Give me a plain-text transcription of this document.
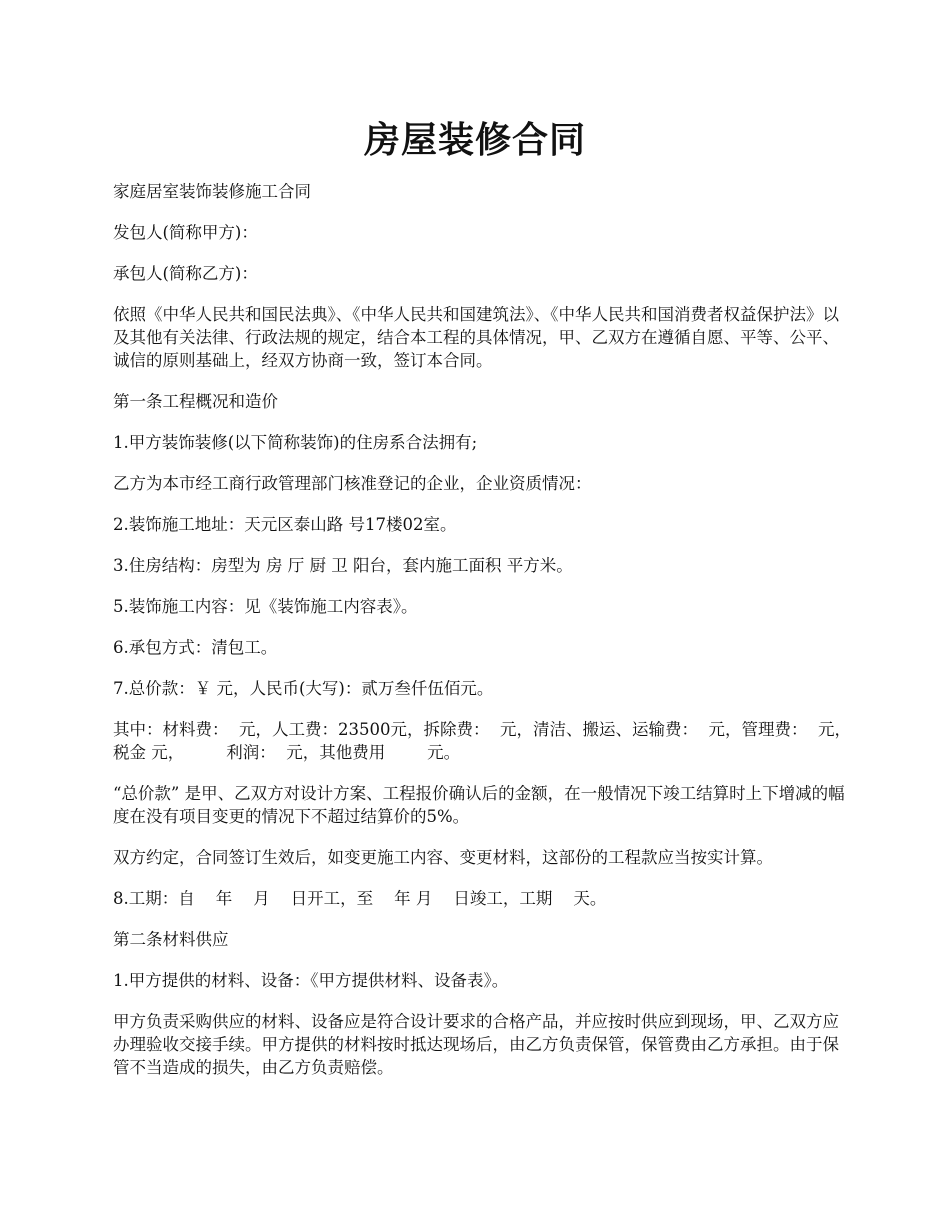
房屋装修合同

家庭居室装饰装修施工合同

发包人(简称甲方)：

承包人(简称乙方)：

依照《中华人民共和国民法典》、《中华人民共和国建筑法》、《中华人民共和国消费者权益保护法》以及其他有关法律、行政法规的规定，结合本工程的具体情况，甲、乙双方在遵循自愿、平等、公平、诚信的原则基础上，经双方协商一致，签订本合同。

第一条工程概况和造价

1.甲方装饰装修(以下简称装饰)的住房系合法拥有;

乙方为本市经工商行政管理部门核准登记的企业，企业资质情况：

2.装饰施工地址：天元区泰山路 号17楼02室。

3.住房结构：房型为 房 厅 厨 卫 阳台，套内施工面积 平方米。

5.装饰施工内容：见《装饰施工内容表》。

6.承包方式：清包工。

7.总价款：￥ 元，人民币(大写)：贰万叁仟伍佰元。

其中：材料费：  元，人工费：23500元，拆除费：  元，清洁、搬运、运输费：  元，管理费：  元，税金 元，        利润：  元，其他费用        元。

“总价款” 是甲、乙双方对设计方案、工程报价确认后的金额，在一般情况下竣工结算时上下增减的幅度在没有项目变更的情况下不超过结算价的5%。

双方约定，合同签订生效后，如变更施工内容、变更材料，这部份的工程款应当按实计算。

8.工期：自    年    月    日开工，至    年 月    日竣工，工期    天。

第二条材料供应

1.甲方提供的材料、设备：《甲方提供材料、设备表》。

甲方负责采购供应的材料、设备应是符合设计要求的合格产品，并应按时供应到现场，甲、乙双方应办理验收交接手续。甲方提供的材料按时抵达现场后，由乙方负责保管，保管费由乙方承担。由于保管不当造成的损失，由乙方负责赔偿。
